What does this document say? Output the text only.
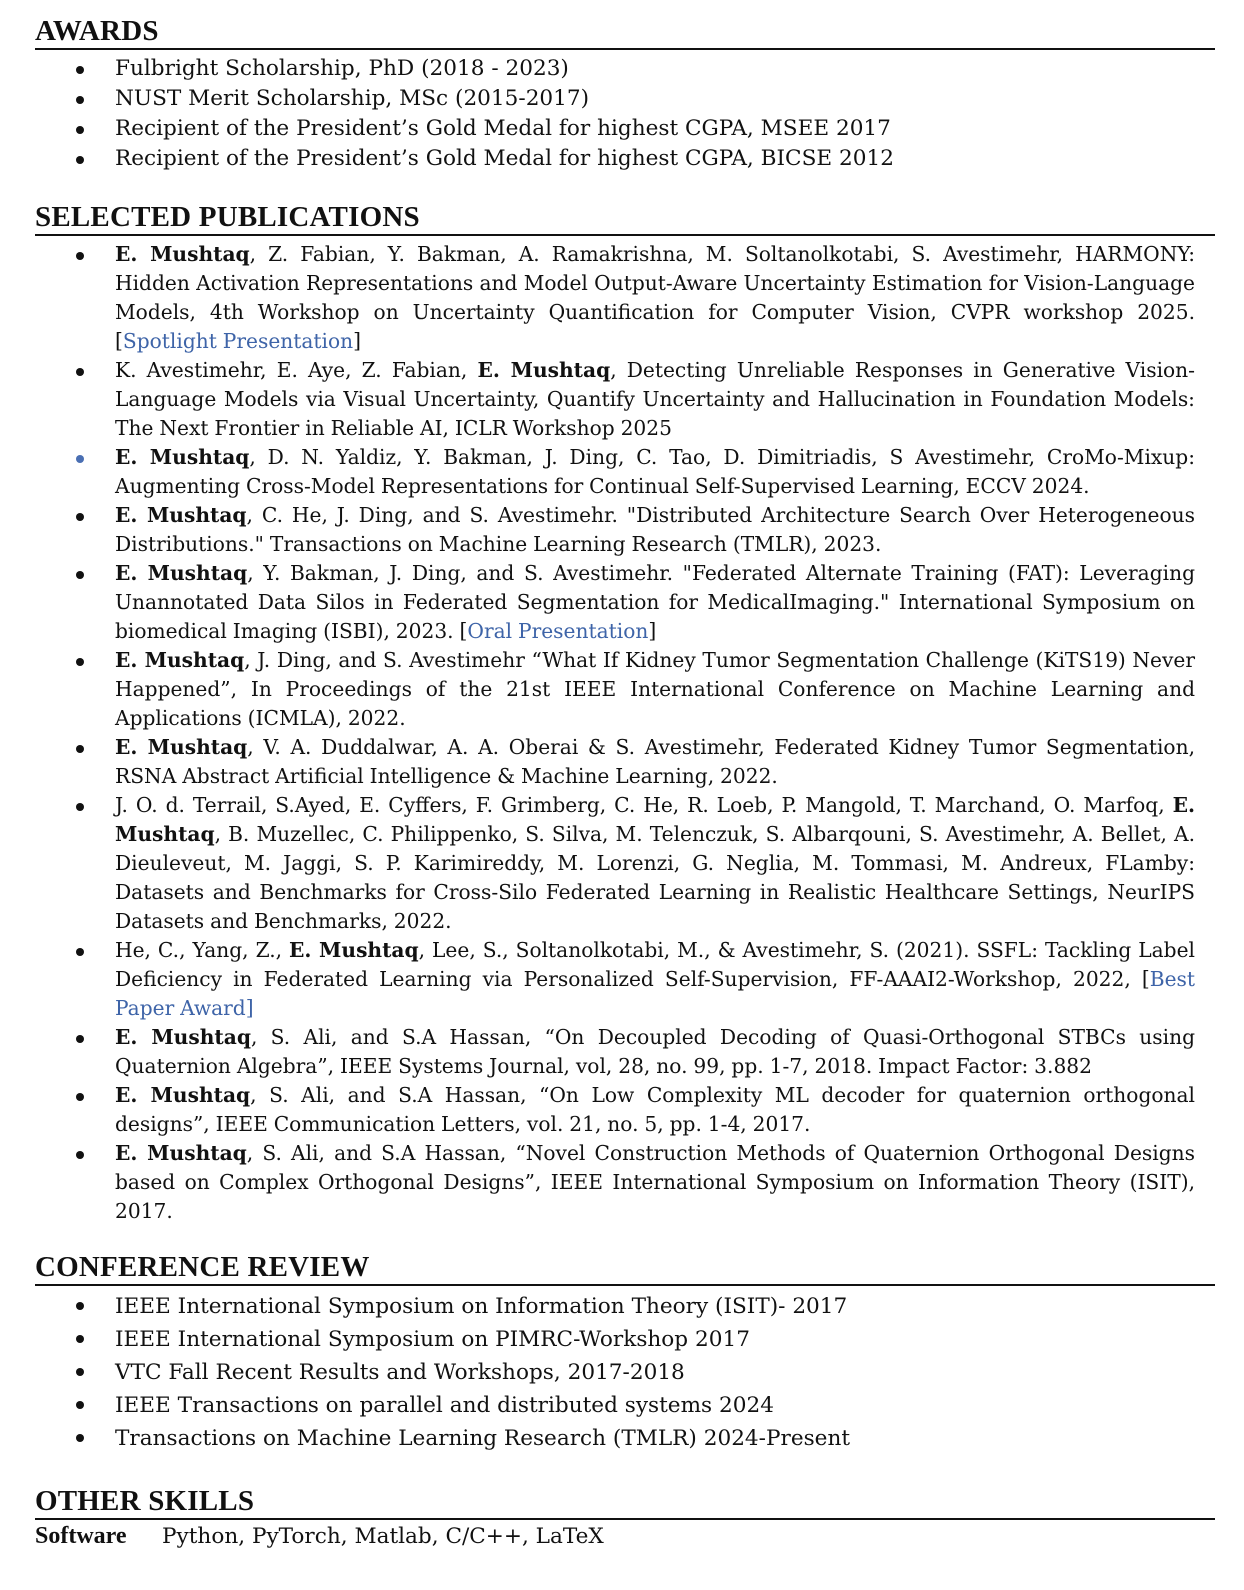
AWARDS
Fulbright Scholarship, PhD (2018 - 2023)
NUST Merit Scholarship, MSc (2015-2017)
Recipient of the President’s Gold Medal for highest CGPA, MSEE 2017
Recipient of the President’s Gold Medal for highest CGPA, BICSE 2012
SELECTED PUBLICATIONS
E. Mushtaq, Z. Fabian, Y. Bakman, A. Ramakrishna, M. Soltanolkotabi, S. Avestimehr, HARMONY: Hidden Activation Representations and Model Output-Aware Uncertainty Estimation for Vision-Language Models, 4th Workshop on Uncertainty Quantification for Computer Vision, CVPR workshop 2025. [Spotlight Presentation]
K. Avestimehr, E. Aye, Z. Fabian, E. Mushtaq, Detecting Unreliable Responses in Generative Vision-Language Models via Visual Uncertainty, Quantify Uncertainty and Hallucination in Foundation Models: The Next Frontier in Reliable AI, ICLR Workshop 2025
E. Mushtaq, D. N. Yaldiz, Y. Bakman, J. Ding, C. Tao, D. Dimitriadis, S Avestimehr, CroMo-Mixup: Augmenting Cross-Model Representations for Continual Self-Supervised Learning, ECCV 2024.
E. Mushtaq, C. He, J. Ding, and S. Avestimehr. "Distributed Architecture Search Over Heterogeneous Distributions." Transactions on Machine Learning Research (TMLR), 2023.
E. Mushtaq, Y. Bakman, J. Ding, and S. Avestimehr. "Federated Alternate Training (FAT): Leveraging Unannotated Data Silos in Federated Segmentation for MedicalImaging." International Symposium on biomedical Imaging (ISBI), 2023. [Oral Presentation]
E. Mushtaq, J. Ding, and S. Avestimehr “What If Kidney Tumor Segmentation Challenge (KiTS19) Never Happened”, In Proceedings of the 21st IEEE International Conference on Machine Learning and Applications (ICMLA), 2022.
E. Mushtaq, V. A. Duddalwar, A. A. Oberai & S. Avestimehr, Federated Kidney Tumor Segmentation, RSNA Abstract Artificial Intelligence & Machine Learning, 2022.
J. O. d. Terrail, S.Ayed, E. Cyffers, F. Grimberg, C. He, R. Loeb, P. Mangold, T. Marchand, O. Marfoq, E. Mushtaq, B. Muzellec, C. Philippenko, S. Silva, M. Telenczuk, S. Albarqouni, S. Avestimehr, A. Bellet, A. Dieuleveut, M. Jaggi, S. P. Karimireddy, M. Lorenzi, G. Neglia, M. Tommasi, M. Andreux, FLamby: Datasets and Benchmarks for Cross-Silo Federated Learning in Realistic Healthcare Settings, NeurIPS Datasets and Benchmarks, 2022.
He, C., Yang, Z., E. Mushtaq, Lee, S., Soltanolkotabi, M., & Avestimehr, S. (2021). SSFL: Tackling Label Deficiency in Federated Learning via Personalized Self-Supervision, FF-AAAI2-Workshop, 2022, [Best Paper Award]
E. Mushtaq, S. Ali, and S.A Hassan, “On Decoupled Decoding of Quasi-Orthogonal STBCs using Quaternion Algebra”, IEEE Systems Journal, vol, 28, no. 99, pp. 1-7, 2018. Impact Factor: 3.882
E. Mushtaq, S. Ali, and S.A Hassan, “On Low Complexity ML decoder for quaternion orthogonal designs”, IEEE Communication Letters, vol. 21, no. 5, pp. 1-4, 2017.
E. Mushtaq, S. Ali, and S.A Hassan, “Novel Construction Methods of Quaternion Orthogonal Designs based on Complex Orthogonal Designs”, IEEE International Symposium on Information Theory (ISIT), 2017.
CONFERENCE REVIEW
IEEE International Symposium on Information Theory (ISIT)- 2017
IEEE International Symposium on PIMRC-Workshop 2017
VTC Fall Recent Results and Workshops, 2017-2018
IEEE Transactions on parallel and distributed systems 2024
Transactions on Machine Learning Research (TMLR) 2024-Present
OTHER SKILLS
Software Python, PyTorch, Matlab, C/C++, LaTeX
